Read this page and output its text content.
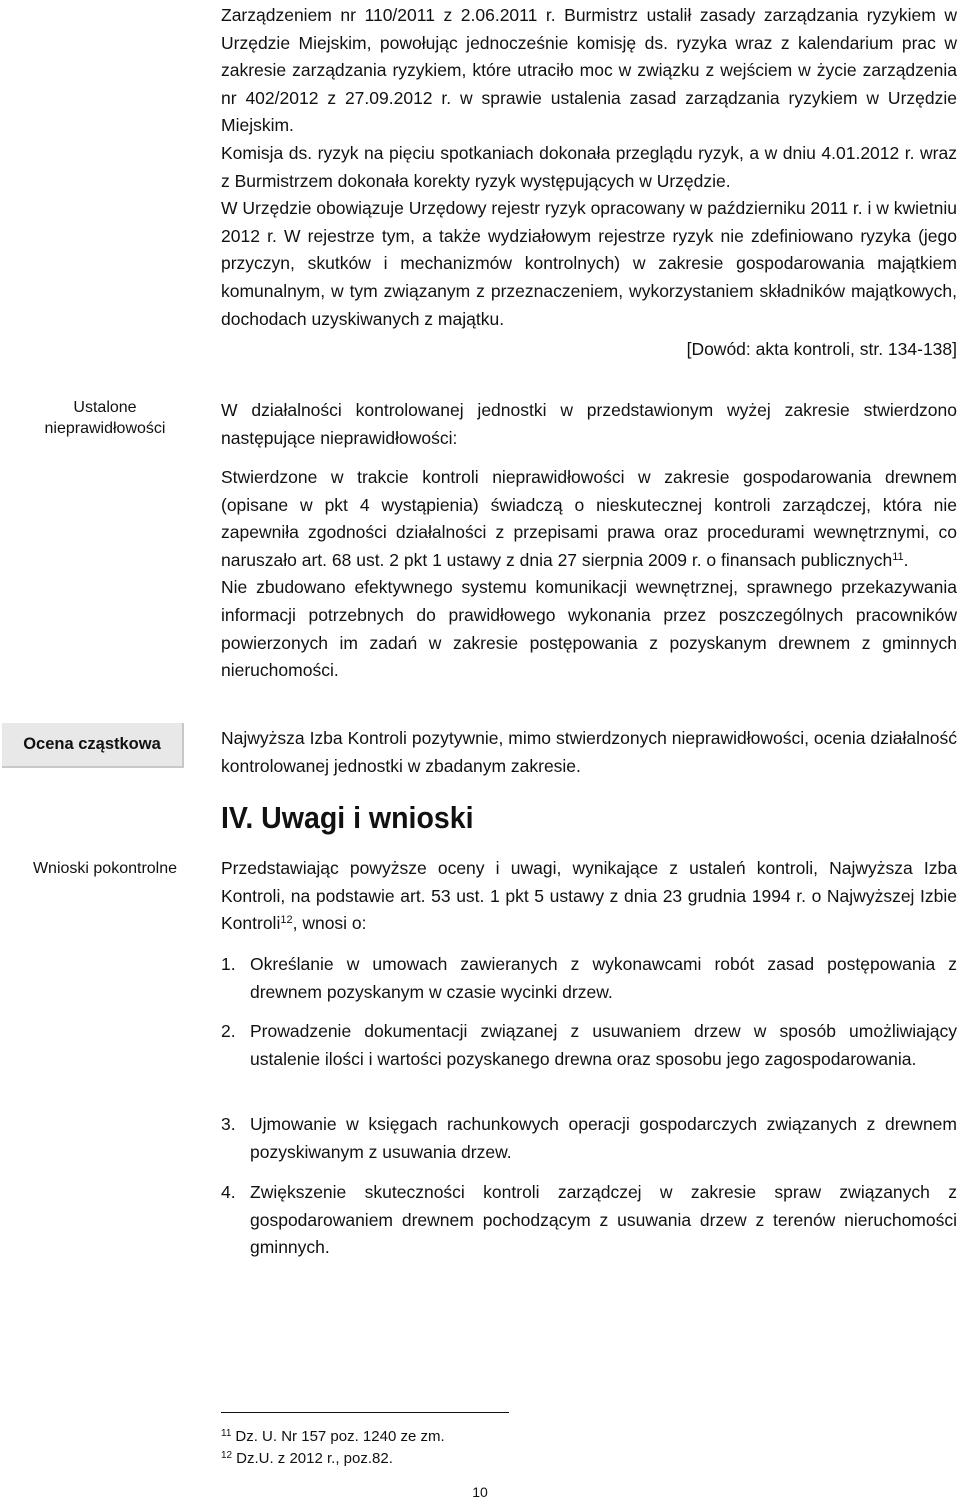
Zarządzeniem nr 110/2011 z 2.06.2011 r. Burmistrz ustalił zasady zarządzania ryzykiem w Urzędzie Miejskim, powołując jednocześnie komisję ds. ryzyka wraz z kalendarium prac w zakresie zarządzania ryzykiem, które utraciło moc w związku z wejściem w życie zarządzenia nr 402/2012 z 27.09.2012 r. w sprawie ustalenia zasad zarządzania ryzykiem w Urzędzie Miejskim.

Komisja ds. ryzyk na pięciu spotkaniach dokonała przeglądu ryzyk, a w dniu 4.01.2012 r. wraz z Burmistrzem dokonała korekty ryzyk występujących w Urzędzie.

W Urzędzie obowiązuje Urzędowy rejestr ryzyk opracowany w październiku 2011 r. i w kwietniu 2012 r. W rejestrze tym, a także wydziałowym rejestrze ryzyk nie zdefiniowano ryzyka (jego przyczyn, skutków i mechanizmów kontrolnych) w zakresie gospodarowania majątkiem komunalnym, w tym związanym z przeznaczeniem, wykorzystaniem składników majątkowych, dochodach uzyskiwanych z majątku.

[Dowód: akta kontroli, str. 134-138]

Ustalone nieprawidłowości
Ocena cząstkowa
Wnioski pokontrolne

W działalności kontrolowanej jednostki w przedstawionym wyżej zakresie stwierdzono następujące nieprawidłowości:

Stwierdzone w trakcie kontroli nieprawidłowości w zakresie gospodarowania drewnem (opisane w pkt 4 wystąpienia) świadczą o nieskutecznej kontroli zarządczej, która nie zapewniła zgodności działalności z przepisami prawa oraz procedurami wewnętrznymi, co naruszało art. 68 ust. 2 pkt 1 ustawy z dnia 27 sierpnia 2009 r. o finansach publicznych$^{11}$.

Nie zbudowano efektywnego systemu komunikacji wewnętrznej, sprawnego przekazywania informacji potrzebnych do prawidłowego wykonania przez poszczególnych pracowników powierzonych im zadań w zakresie postępowania z pozyskanym drewnem z gminnych nieruchomości.

Najwyższa Izba Kontroli pozytywnie, mimo stwierdzonych nieprawidłowości, ocenia działalność kontrolowanej jednostki w zbadanym zakresie.

IV. Uwagi i wnioski

Przedstawiając powyższe oceny i uwagi, wynikające z ustaleń kontroli, Najwyższa Izba Kontroli, na podstawie art. 53 ust. 1 pkt 5 ustawy z dnia 23 grudnia 1994 r. o Najwyższej Izbie Kontroli$^{12}$, wnosi o:

1. Określanie w umowach zawieranych z wykonawcami robót zasad postępowania z drewnem pozyskanym w czasie wycinki drzew.
2. Prowadzenie dokumentacji związanej z usuwaniem drzew w sposób umożliwiający ustalenie ilości i wartości pozyskanego drewna oraz sposobu jego zagospodarowania.
3. Ujmowanie w księgach rachunkowych operacji gospodarczych związanych z drewnem pozyskiwanym z usuwania drzew.
4. Zwiększenie skuteczności kontroli zarządczej w zakresie spraw związanych z gospodarowaniem drewnem pochodzącym z usuwania drzew z terenów nieruchomości gminnych.
$^{11}$ Dz. U. Nr 157 poz. 1240 ze zm.
$^{12}$ Dz.U. z 2012 r., poz.82.
10
